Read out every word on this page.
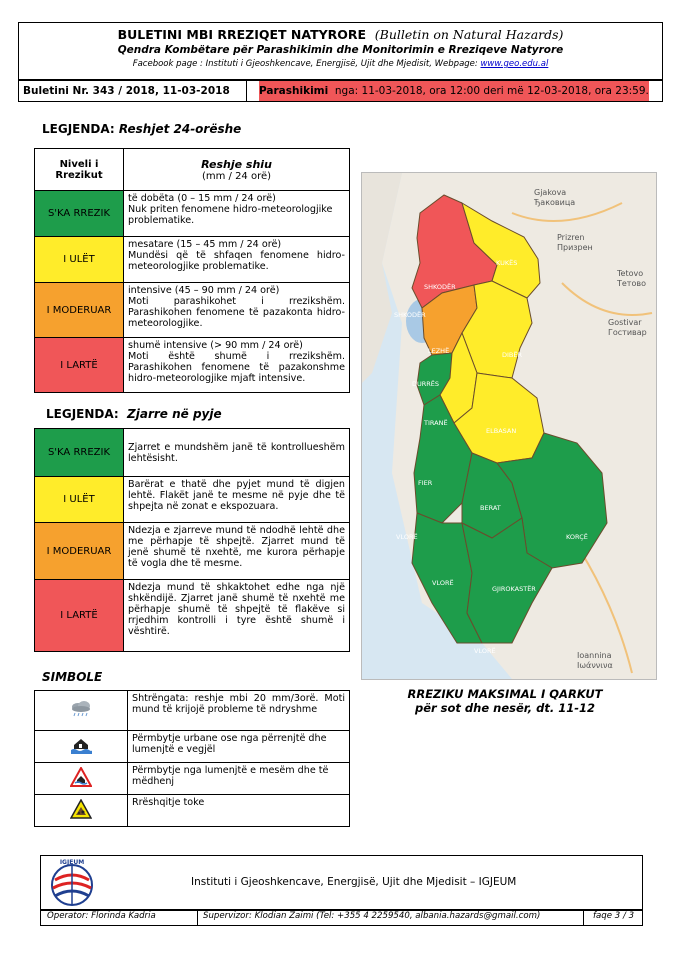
BULETINI MBI RREZIQET NATYRORE (Bulletin on Natural Hazards)
Qendra Kombëtare për Parashikimin dhe Monitorimin e Rreziqeve Natyrore
Facebook page : Instituti i Gjeoshkencave, Energjisë, Ujit dhe Mjedisit, Webpage: www.geo.edu.al
Buletini Nr. 343 / 2018, 11-03-2018	Parashikimi nga: 11-03-2018, ora 12:00 deri më 12-03-2018, ora 23:59.
LEGJENDA: Reshjet 24-orëshe
Niveli i Rrezikut	Reshje shiu
(mm / 24 orë)

S'KA RREZIK	të dobëta (0 – 15 mm / 24 orë)
Nuk priten fenomene hidro-meteorologjike problematike.

I ULËT	mesatare (15 – 45 mm / 24 orë)
Mundësi që të shfaqen fenomene hidro-meteorologjike problematike.

I MODERUAR	intensive (45 – 90 mm / 24 orë)
Moti parashikohet i rrezikshëm. Parashikohen fenomene të pazakonta hidro-meteorologjike.

I LARTË	shumë intensive (> 90 mm / 24 orë)
Moti është shumë i rrezikshëm. Parashikohen fenomene të pazakonshme hidro-meteorologjike mjaft intensive.
LEGJENDA: Zjarre në pyje
S'KA RREZIK	Zjarret e mundshëm janë të kontrollueshëm lehtësisht.
I ULËT	Barërat e thatë dhe pyjet mund të digjen lehtë. Flakët janë te mesme në pyje dhe të shpejta në zonat e ekspozuara.
I MODERUAR	Ndezja e zjarreve mund të ndodhë lehtë dhe me përhapje të shpejtë. Zjarret mund të jenë shumë të nxehtë, me kurora përhapje të vogla dhe të mesme.
I LARTË	Ndezja mund të shkaktohet edhe nga një shkëndijë. Zjarret janë shumë të nxehtë me përhapje shumë të shpejtë të flakëve si rrjedhim kontrolli i tyre është shumë i vështirë.
SIMBOLE
	Shtrëngata: reshje mbi 20 mm/3orë. Moti mund të krijojë probleme të ndryshme
	Përmbytje urbane ose nga përrenjtë dhe lumenjtë e vegjël
	Përmbytje nga lumenjtë e mesëm dhe të mëdhenj
	Rrëshqitje toke
Gjakova
Ђаковица
Prizren
Призрен
Tetovo
Тетово
Gostivar
Гостивар
Ioannina
Ιωάννινα
SHKODËR
KUKËS
SHKODËR
LEZHË	DIBËR
DURRËS
TIRANË
ELBASAN
FIER
BERAT
KORÇË
VLORË
VLORË
GJIROKASTËR
VLORË
RREZIKU MAKSIMAL I QARKUT
për sot dhe nesër, dt. 11-12
IGJEUM
Instituti i Gjeoshkencave, Energjisë, Ujit dhe Mjedisit – IGJEUM
Operator: Florinda Kadria	Supervizor: Klodian Zaimi (Tel: +355 4 2259540, albania.hazards@gmail.com)	faqe 3 / 3
